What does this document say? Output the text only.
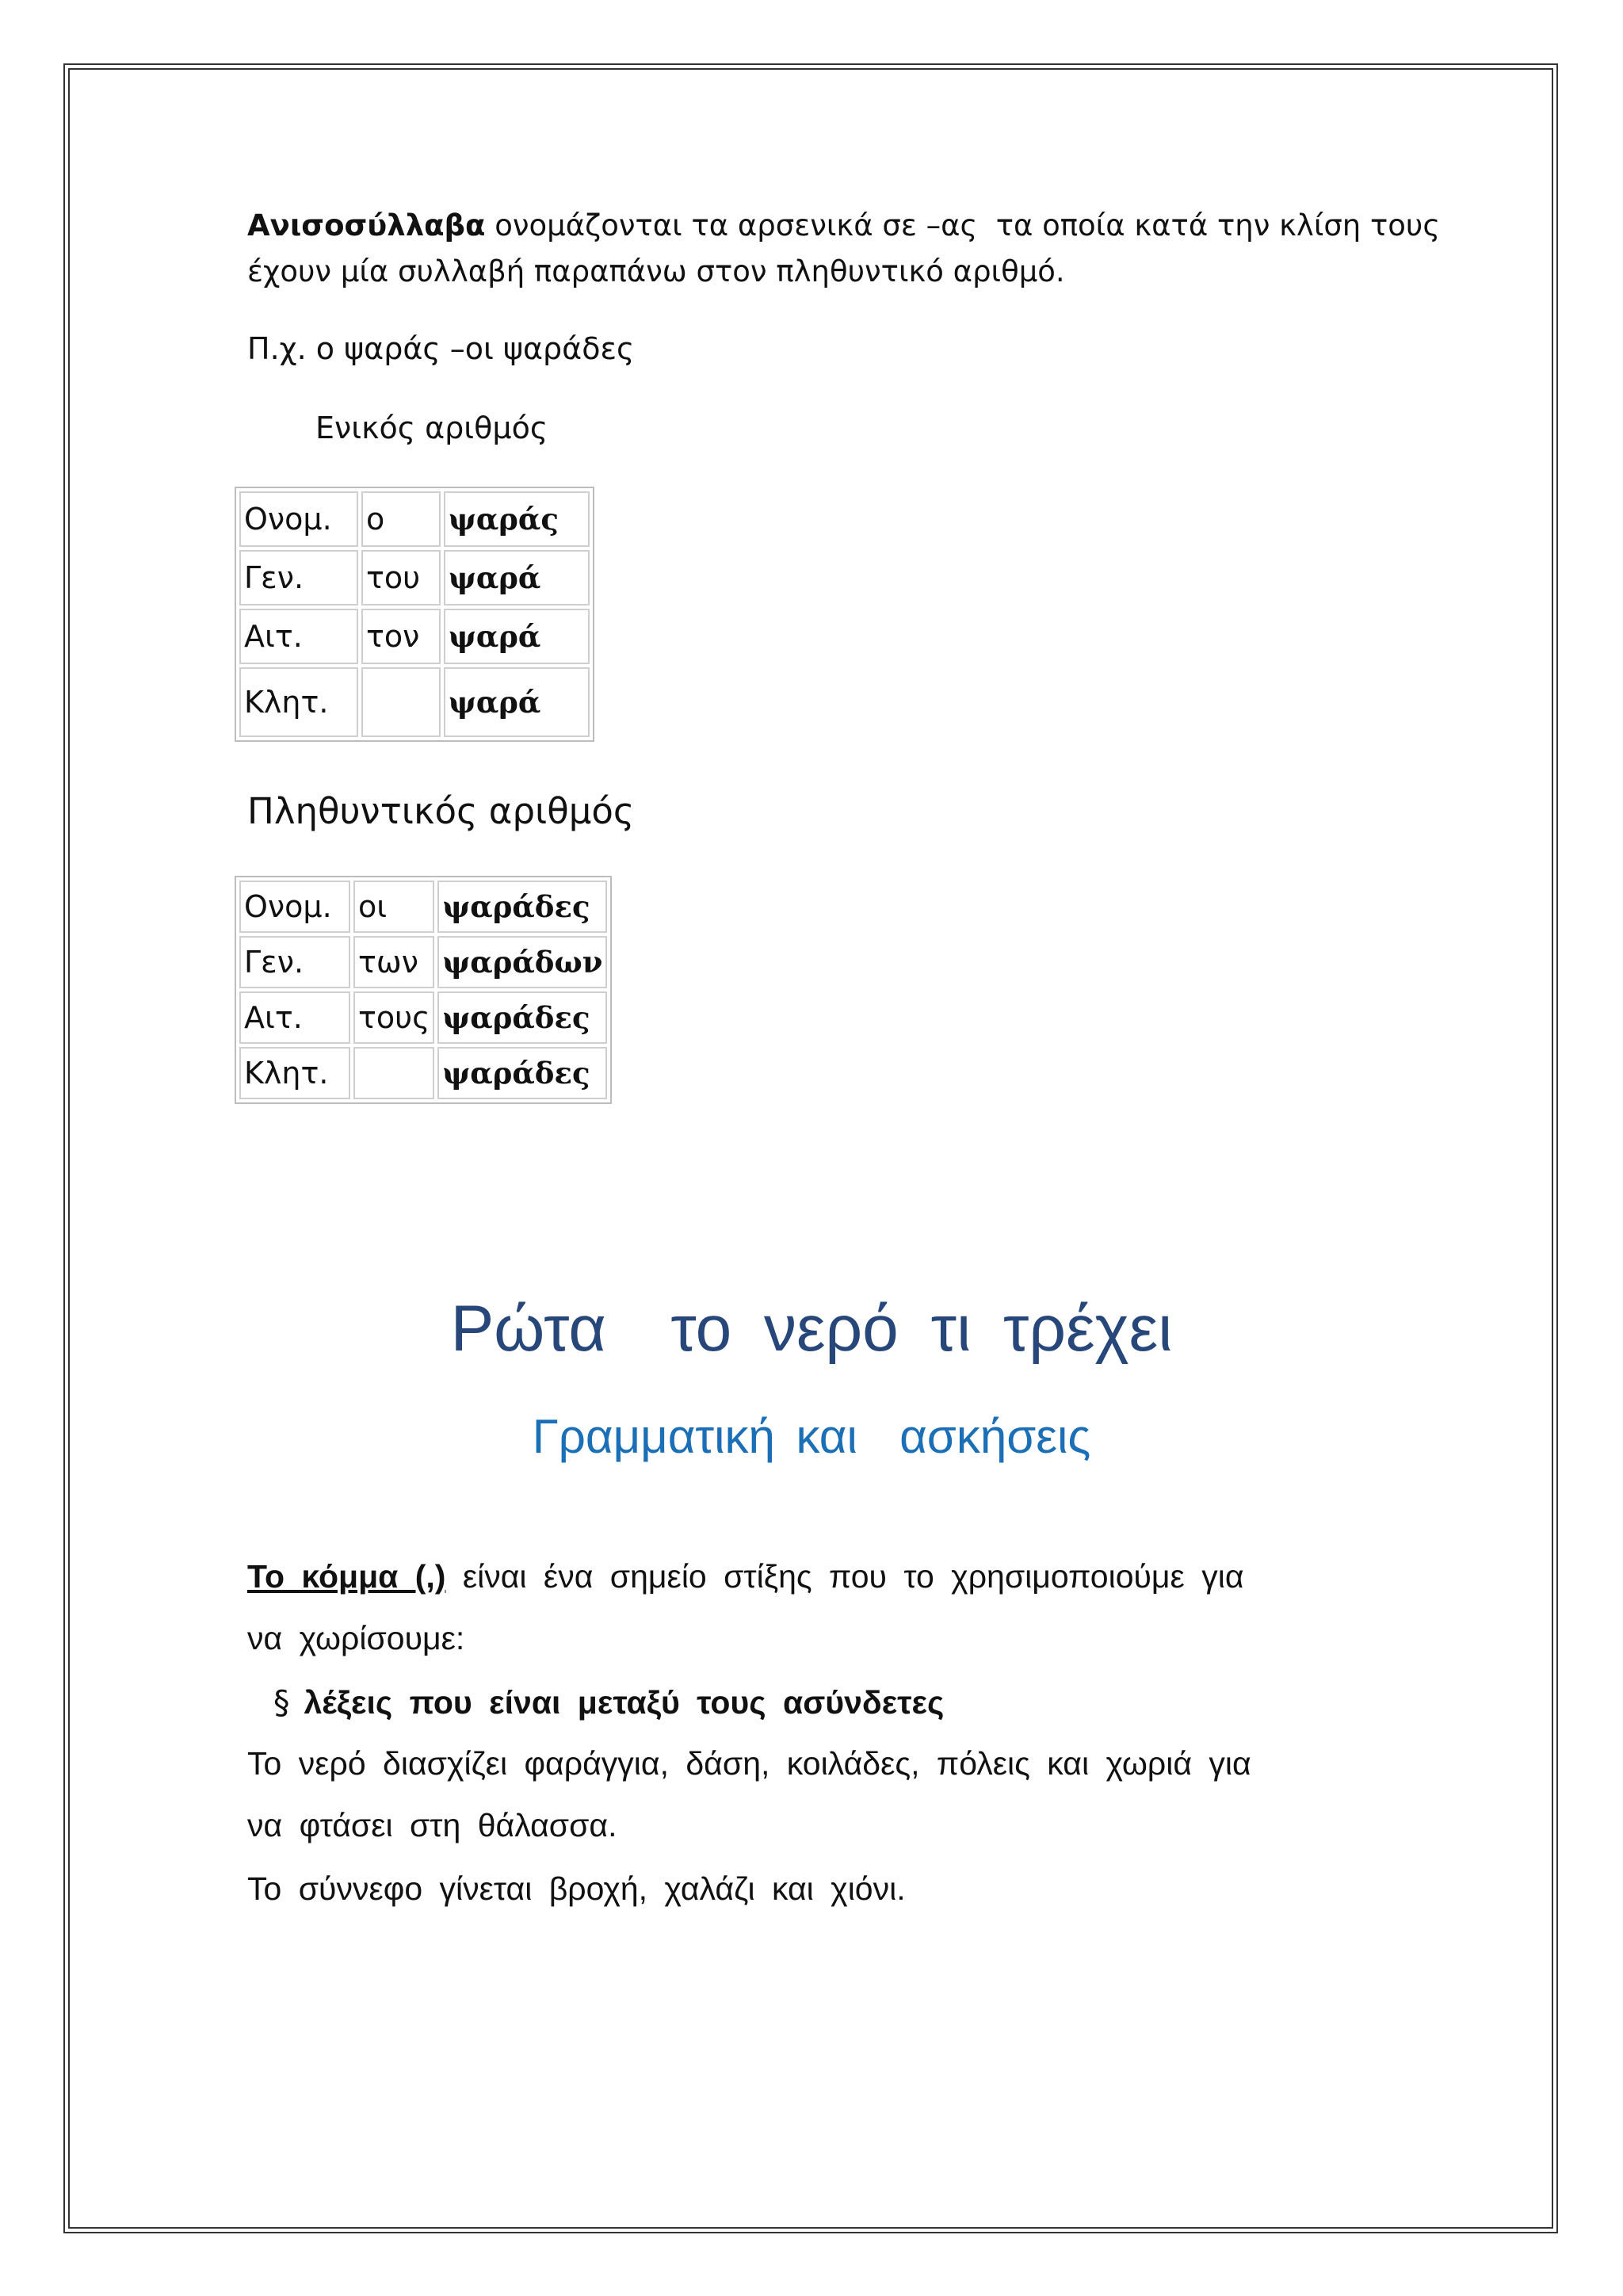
Ανισοσύλλαβα ονομάζονται τα αρσενικά σε –ας  τα οποία κατά την κλίση τους
έχουν μία συλλαβή παραπάνω στον πληθυντικό αριθμό.
Π.χ. ο ψαράς –οι ψαράδες
Ενικός αριθμός
Ονομ.	ο	ψαράς
Γεν.	του	ψαρά
Αιτ.	τον	ψαρά
Κλητ.		ψαρά
Πληθυντικός αριθμός
Ονομ.	οι	ψαράδες
Γεν.	των	ψαράδων
Αιτ.	τους	ψαράδες
Κλητ.		ψαράδες
Ρώτα  το νερό τι τρέχει
Γραμματική και  ασκήσεις
Το κόμμα (,) είναι ένα σημείο στίξης που το χρησιμοποιούμε για
να χωρίσουμε:
§ λέξεις που είναι μεταξύ τους ασύνδετες
Το νερό διασχίζει φαράγγια, δάση, κοιλάδες, πόλεις και χωριά για
να φτάσει στη θάλασσα.
Το σύννεφο γίνεται βροχή, χαλάζι και χιόνι.
